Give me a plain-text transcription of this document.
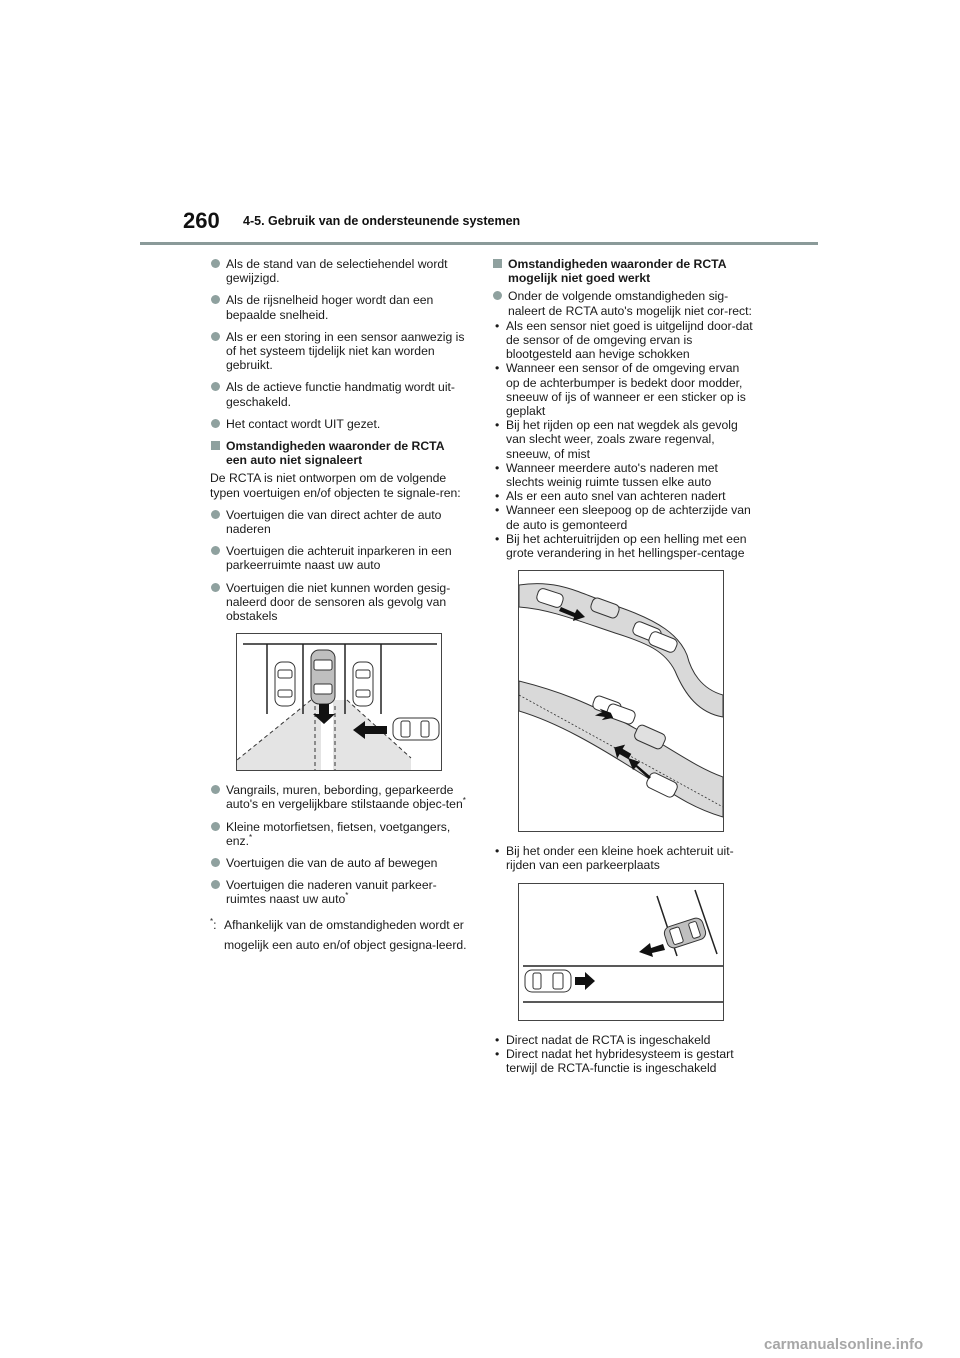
260 4-5. Gebruik van de ondersteunende systemen
Als de stand van de selectiehendel wordt gewijzigd.
Als de rijsnelheid hoger wordt dan een bepaalde snelheid.
Als er een storing in een sensor aanwezig is of het systeem tijdelijk niet kan worden gebruikt.
Als de actieve functie handmatig wordt uit-geschakeld.
Het contact wordt UIT gezet.
Omstandigheden waaronder de RCTA een auto niet signaleert
De RCTA is niet ontworpen om de volgende typen voertuigen en/of objecten te signale-ren:
Voertuigen die van direct achter de auto naderen
Voertuigen die achteruit inparkeren in een parkeerruimte naast uw auto
Voertuigen die niet kunnen worden gesig-naleerd door de sensoren als gevolg van obstakels
Vangrails, muren, bebording, geparkeerde auto's en vergelijkbare stilstaande objec-ten*
Kleine motorfietsen, fietsen, voetgangers, enz.*
Voertuigen die van de auto af bewegen
Voertuigen die naderen vanuit parkeer-ruimtes naast uw auto*
*: Afhankelijk van de omstandigheden wordt er mogelijk een auto en/of object gesigna-leerd.
Omstandigheden waaronder de RCTA mogelijk niet goed werkt
Onder de volgende omstandigheden sig-naleert de RCTA auto's mogelijk niet cor-rect:
• Als een sensor niet goed is uitgelijnd door-dat de sensor of de omgeving ervan is blootgesteld aan hevige schokken
• Wanneer een sensor of de omgeving ervan op de achterbumper is bedekt door modder, sneeuw of ijs of wanneer er een sticker op is geplakt
• Bij het rijden op een nat wegdek als gevolg van slecht weer, zoals zware regenval, sneeuw, of mist
• Wanneer meerdere auto's naderen met slechts weinig ruimte tussen elke auto
• Als er een auto snel van achteren nadert
• Wanneer een sleepoog op de achterzijde van de auto is gemonteerd
• Bij het achteruitrijden op een helling met een grote verandering in het hellingsper-centage
• Bij het onder een kleine hoek achteruit uit-rijden van een parkeerplaats
• Direct nadat de RCTA is ingeschakeld
• Direct nadat het hybridesysteem is gestart terwijl de RCTA-functie is ingeschakeld
carmanualsonline.info
